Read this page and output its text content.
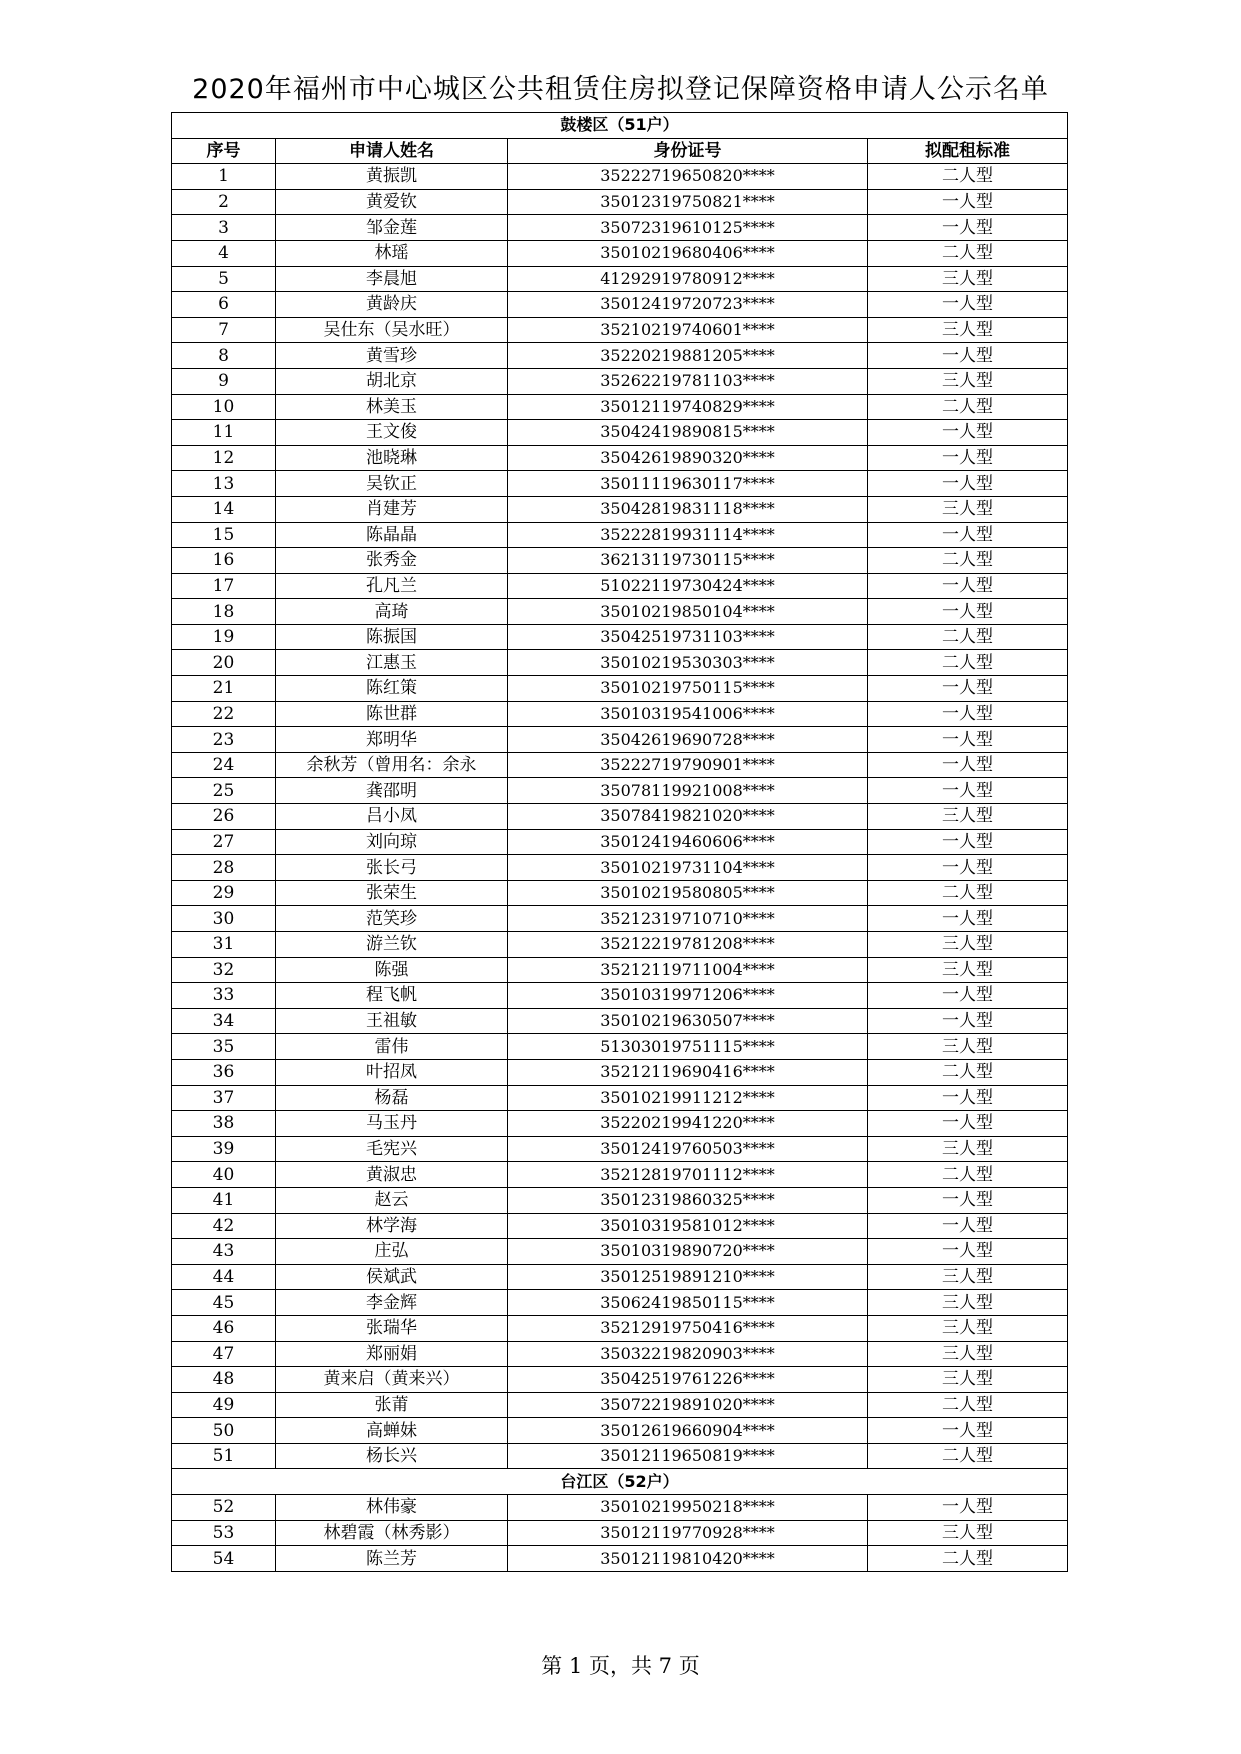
2020年福州市中心城区公共租赁住房拟登记保障资格申请人公示名单
鼓楼区（51户）			
序号	申请人姓名	身份证号	拟配租标准
1	黄振凯	35222719650820****	二人型
2	黄爱钦	35012319750821****	一人型
3	邹金莲	35072319610125****	一人型
4	林瑶	35010219680406****	二人型
5	李晨旭	41292919780912****	三人型
6	黄龄庆	35012419720723****	一人型
7	吴仕东（吴水旺）	35210219740601****	三人型
8	黄雪珍	35220219881205****	一人型
9	胡北京	35262219781103****	三人型
10	林美玉	35012119740829****	二人型
11	王文俊	35042419890815****	一人型
12	池晓琳	35042619890320****	一人型
13	吴钦正	35011119630117****	一人型
14	肖建芳	35042819831118****	三人型
15	陈晶晶	35222819931114****	一人型
16	张秀金	36213119730115****	二人型
17	孔凡兰	51022119730424****	一人型
18	高琦	35010219850104****	一人型
19	陈振国	35042519731103****	二人型
20	江惠玉	35010219530303****	二人型
21	陈红策	35010219750115****	一人型
22	陈世群	35010319541006****	一人型
23	郑明华	35042619690728****	一人型
24	余秋芳（曾用名：余永	35222719790901****	一人型
25	龚邵明	35078119921008****	一人型
26	吕小凤	35078419821020****	三人型
27	刘向琼	35012419460606****	一人型
28	张长弓	35010219731104****	一人型
29	张荣生	35010219580805****	二人型
30	范笑珍	35212319710710****	一人型
31	游兰钦	35212219781208****	三人型
32	陈强	35212119711004****	三人型
33	程飞帆	35010319971206****	一人型
34	王祖敏	35010219630507****	一人型
35	雷伟	51303019751115****	三人型
36	叶招凤	35212119690416****	二人型
37	杨磊	35010219911212****	一人型
38	马玉丹	35220219941220****	一人型
39	毛宪兴	35012419760503****	三人型
40	黄淑忠	35212819701112****	二人型
41	赵云	35012319860325****	一人型
42	林学海	35010319581012****	一人型
43	庄弘	35010319890720****	一人型
44	侯斌武	35012519891210****	三人型
45	李金辉	35062419850115****	三人型
46	张瑞华	35212919750416****	三人型
47	郑丽娟	35032219820903****	三人型
48	黄来启（黄来兴）	35042519761226****	三人型
49	张莆	35072219891020****	二人型
50	高蝉妹	35012619660904****	一人型
51	杨长兴	35012119650819****	二人型
台江区（52户）			
52	林伟豪	35010219950218****	一人型
53	林碧霞（林秀影）	35012119770928****	三人型
54	陈兰芳	35012119810420****	二人型
第 1 页，共 7 页
